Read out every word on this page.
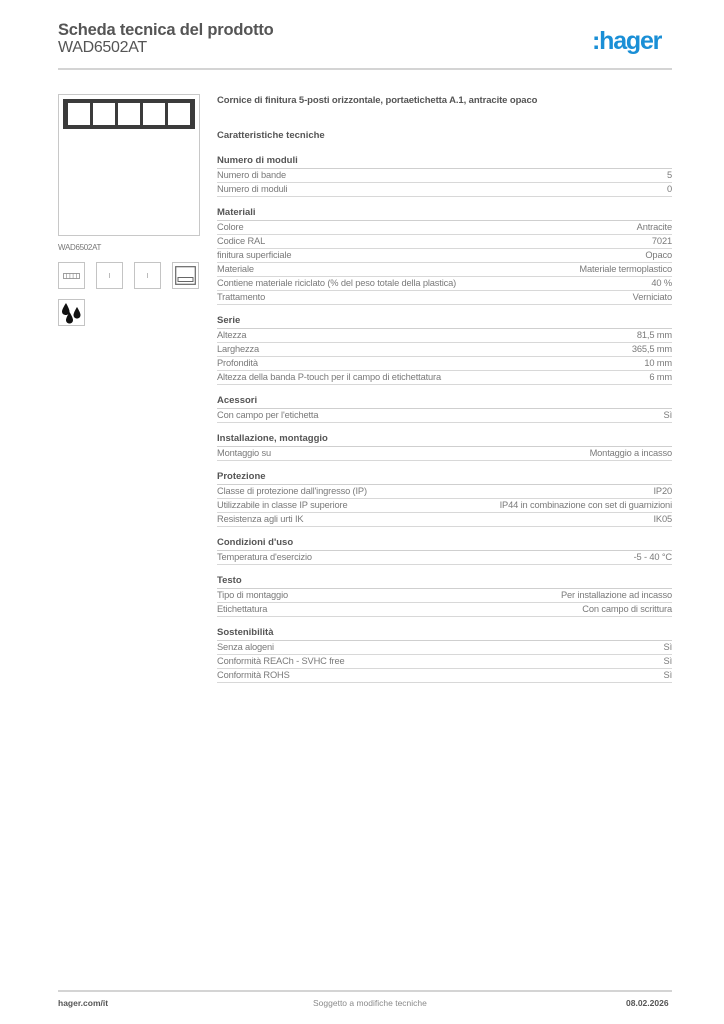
Scheda tecnica del prodotto
WAD6502AT	:hager
WAD6502AT
Cornice di finitura 5-posti orizzontale, portaetichetta A.1, antracite opaco
Caratteristiche tecniche
Numero di moduli
Numero di bande	5
Numero di moduli	0
Materiali
Colore	Antracite
Codice RAL	7021
finitura superficiale	Opaco
Materiale	Materiale termoplastico
Contiene materiale riciclato (% del peso totale della plastica)	40 %
Trattamento	Verniciato
Serie
Altezza	81,5 mm
Larghezza	365,5 mm
Profondità	10 mm
Altezza della banda P-touch per il campo di etichettatura	6 mm
Acessori
Con campo per l'etichetta	Sì
Installazione, montaggio
Montaggio su	Montaggio a incasso
Protezione
Classe di protezione dall'ingresso (IP)	IP20
Utilizzabile in classe IP superiore	IP44 in combinazione con set di guarnizioni
Resistenza agli urti IK	IK05
Condizioni d'uso
Temperatura d'esercizio	-5 - 40 °C
Testo
Tipo di montaggio	Per installazione ad incasso
Etichettatura	Con campo di scrittura
Sostenibilità
Senza alogeni	Sì
Conformità REACh - SVHC free	Sì
Conformità ROHS	Sì
hager.com/it	Soggetto a modifiche tecniche	08.02.2026
